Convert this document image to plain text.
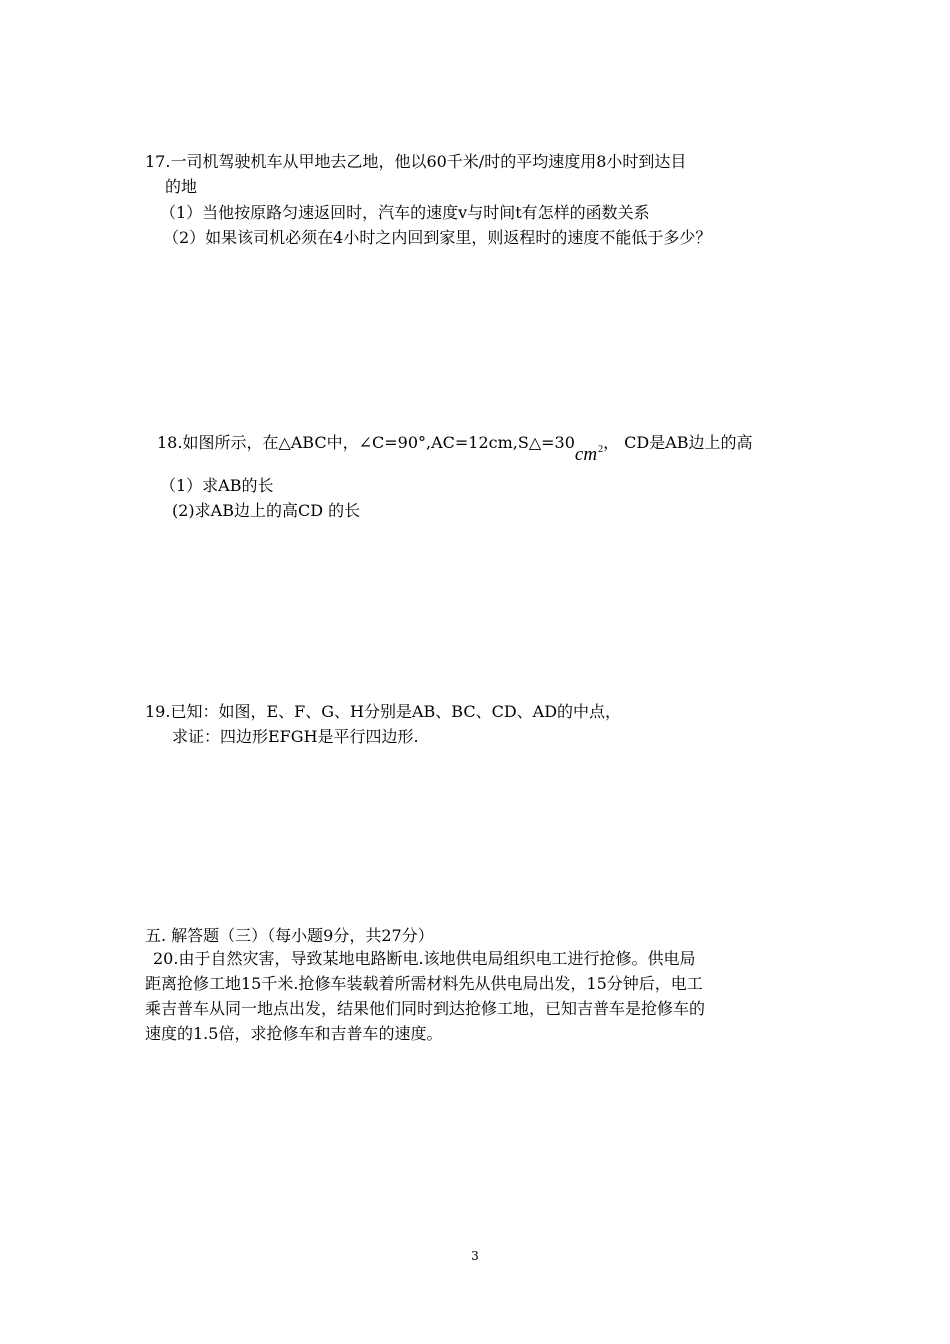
17.一司机驾驶机车从甲地去乙地，他以60千米/时的平均速度用8小时到达目
的地
（1）当他按原路匀速返回时，汽车的速度v与时间t有怎样的函数关系
（2）如果该司机必须在4小时之内回到家里，则返程时的速度不能低于多少？
18.如图所示，在△ABC中，$\angle C=90^\circ,AC=12cm,S\triangle=30cm^2$， CD是AB边上的高
（1）求AB的长
(2)求AB边上的高CD 的长
19.已知：如图，E、F、G、H分别是AB、BC、CD、AD的中点，
求证：四边形EFGH是平行四边形.
五. 解答题（三）（每小题9分，共27分）
20.由于自然灾害，导致某地电路断电.该地供电局组织电工进行抢修。供电局
距离抢修工地15千米.抢修车装载着所需材料先从供电局出发，15分钟后，电工
乘吉普车从同一地点出发，结果他们同时到达抢修工地，已知吉普车是抢修车的
速度的1.5倍，求抢修车和吉普车的速度。
3
